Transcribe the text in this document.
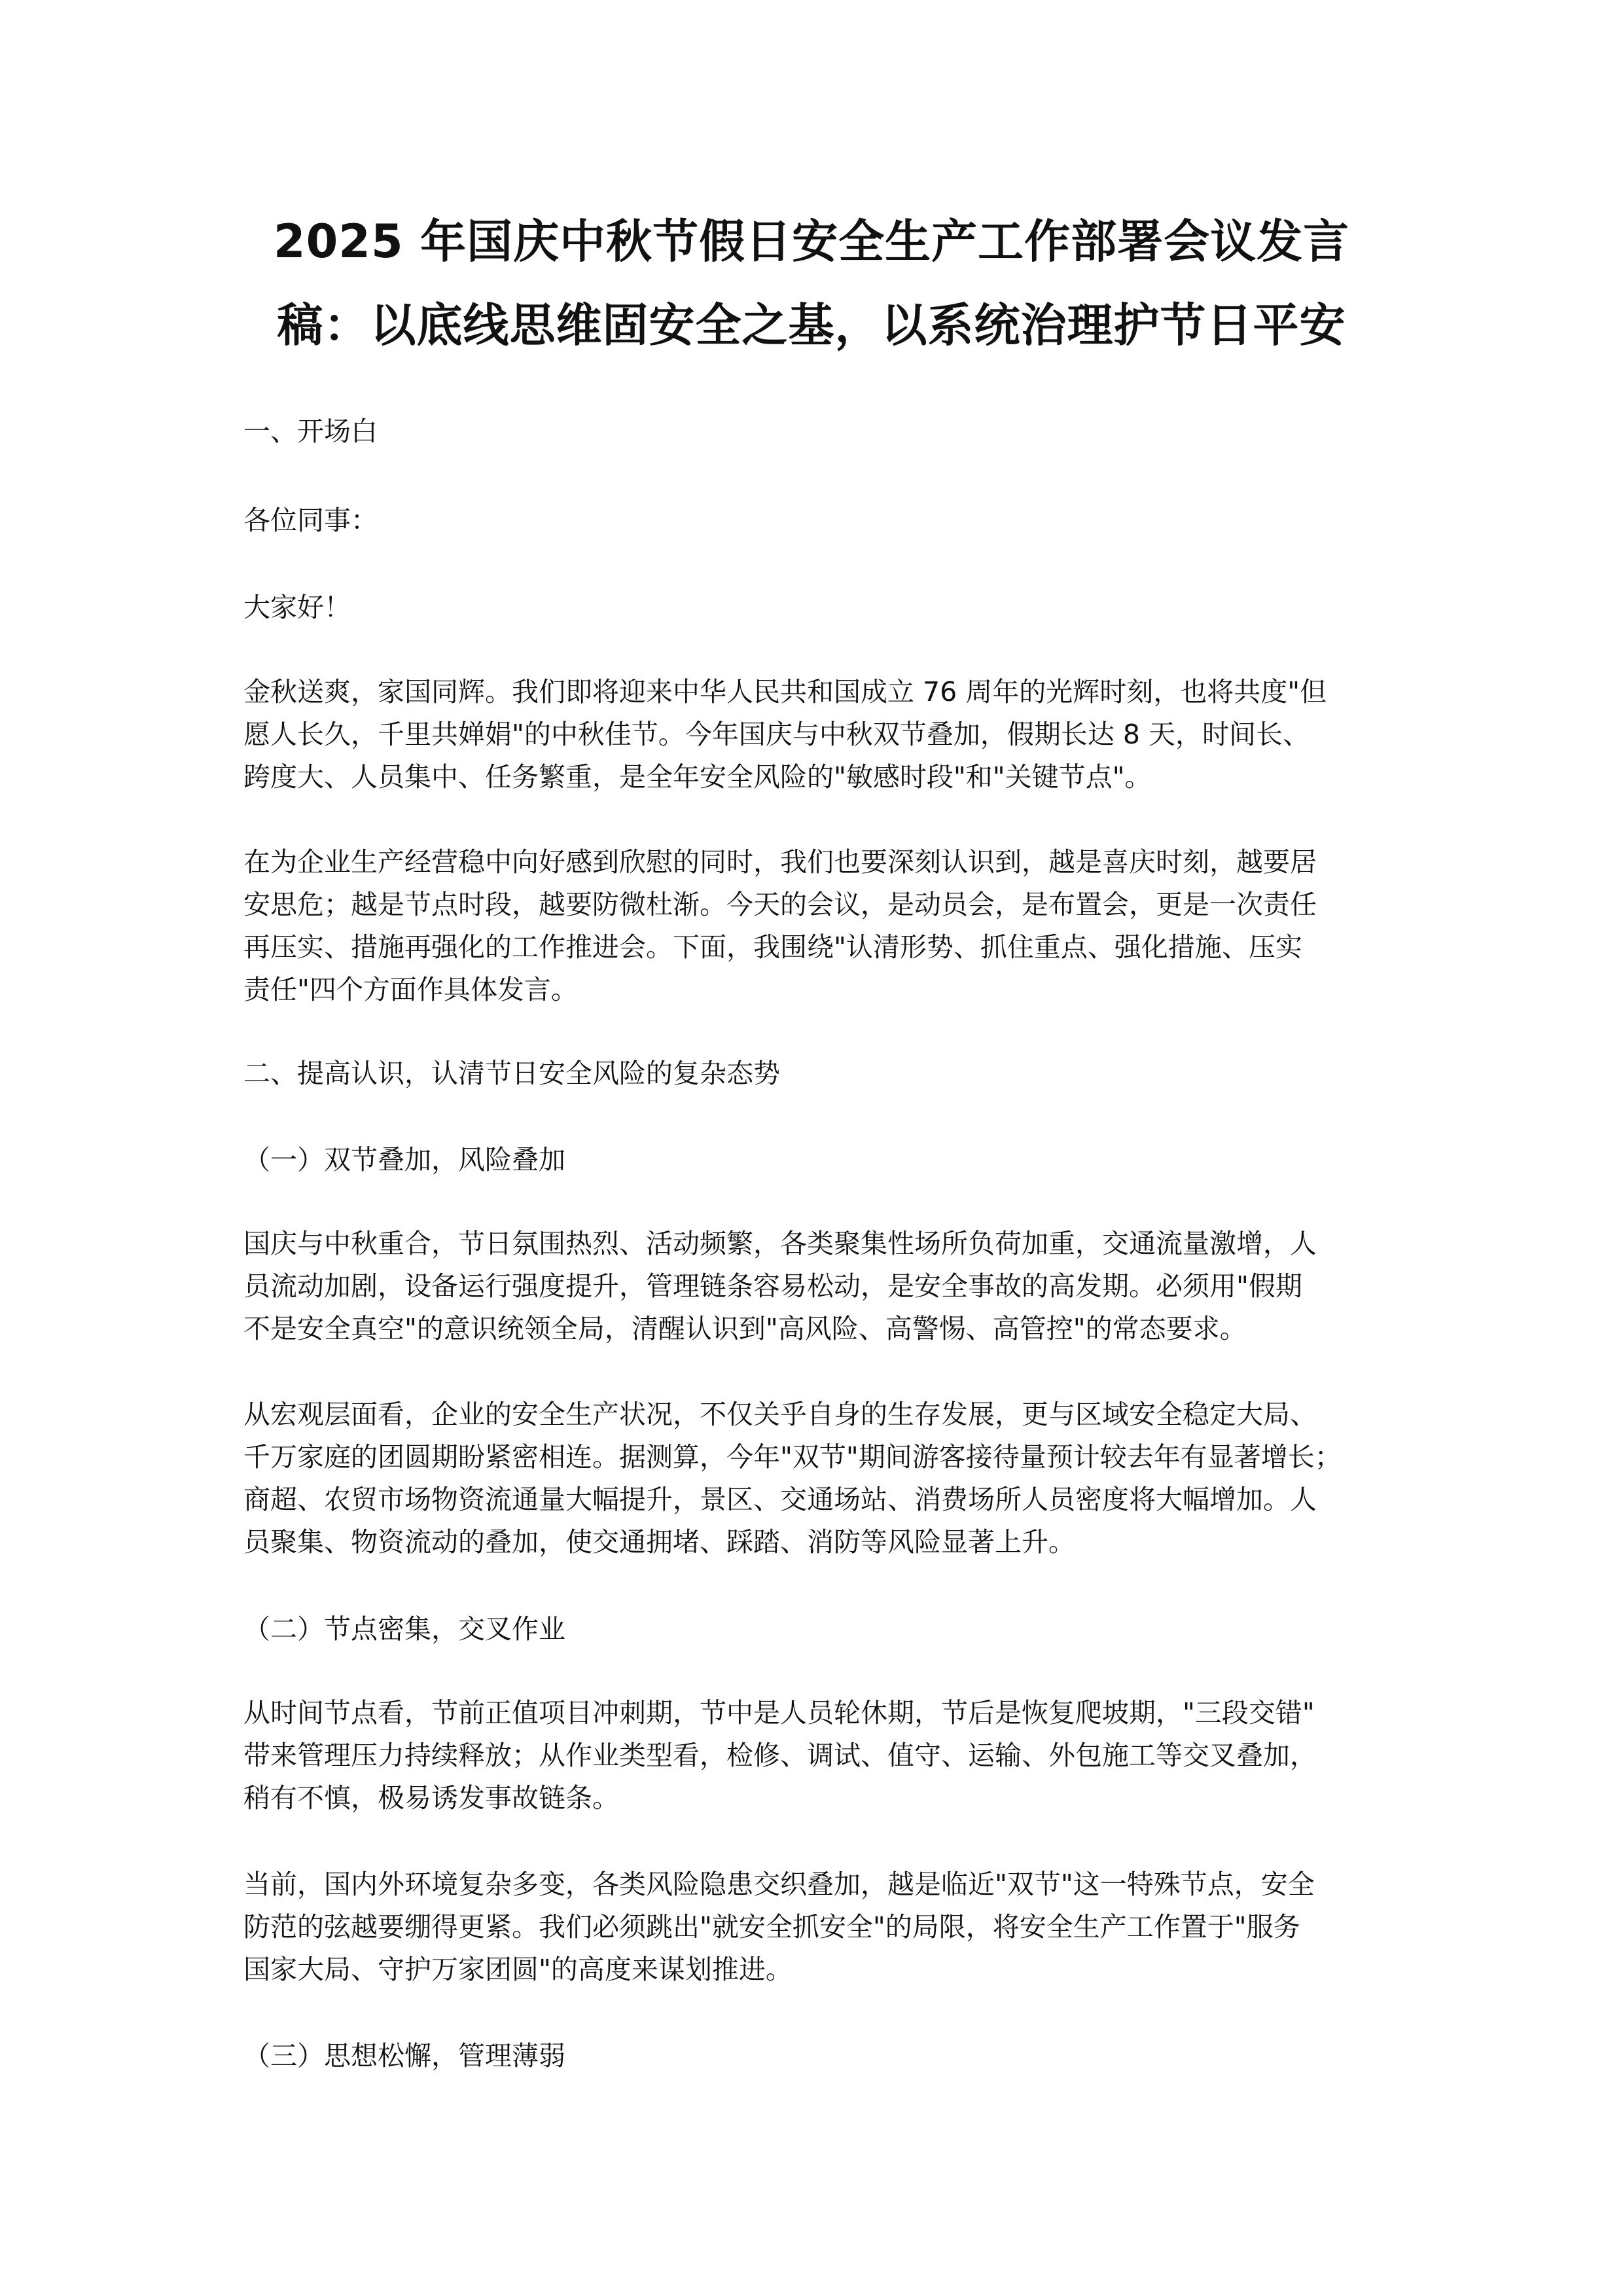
2025 年国庆中秋节假日安全生产工作部署会议发言
稿：以底线思维固安全之基，以系统治理护节日平安

一、开场白

各位同事：

大家好！

金秋送爽，家国同辉。我们即将迎来中华人民共和国成立 76 周年的光辉时刻，也将共度"但
愿人长久，千里共婵娟"的中秋佳节。今年国庆与中秋双节叠加，假期长达 8 天，时间长、
跨度大、人员集中、任务繁重，是全年安全风险的"敏感时段"和"关键节点"。

在为企业生产经营稳中向好感到欣慰的同时，我们也要深刻认识到，越是喜庆时刻，越要居
安思危；越是节点时段，越要防微杜渐。今天的会议，是动员会，是布置会，更是一次责任
再压实、措施再强化的工作推进会。下面，我围绕"认清形势、抓住重点、强化措施、压实
责任"四个方面作具体发言。

二、提高认识，认清节日安全风险的复杂态势

（一）双节叠加，风险叠加

国庆与中秋重合，节日氛围热烈、活动频繁，各类聚集性场所负荷加重，交通流量激增，人
员流动加剧，设备运行强度提升，管理链条容易松动，是安全事故的高发期。必须用"假期
不是安全真空"的意识统领全局，清醒认识到"高风险、高警惕、高管控"的常态要求。

从宏观层面看，企业的安全生产状况，不仅关乎自身的生存发展，更与区域安全稳定大局、
千万家庭的团圆期盼紧密相连。据测算，今年"双节"期间游客接待量预计较去年有显著增长；
商超、农贸市场物资流通量大幅提升，景区、交通场站、消费场所人员密度将大幅增加。人
员聚集、物资流动的叠加，使交通拥堵、踩踏、消防等风险显著上升。

（二）节点密集，交叉作业

从时间节点看，节前正值项目冲刺期，节中是人员轮休期，节后是恢复爬坡期，"三段交错"
带来管理压力持续释放；从作业类型看，检修、调试、值守、运输、外包施工等交叉叠加，
稍有不慎，极易诱发事故链条。

当前，国内外环境复杂多变，各类风险隐患交织叠加，越是临近"双节"这一特殊节点，安全
防范的弦越要绷得更紧。我们必须跳出"就安全抓安全"的局限，将安全生产工作置于"服务
国家大局、守护万家团圆"的高度来谋划推进。

（三）思想松懈，管理薄弱
